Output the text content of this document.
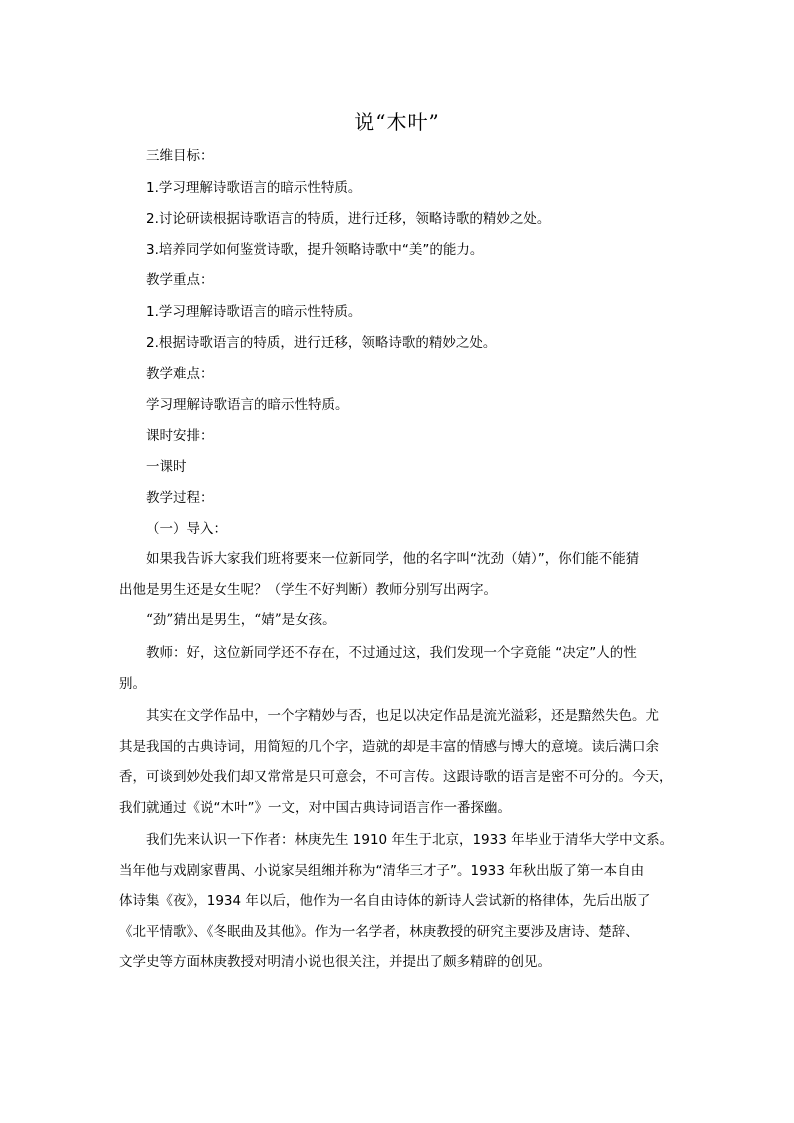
说“木叶”
三维目标：
1.学习理解诗歌语言的暗示性特质。
2.讨论研读根据诗歌语言的特质，进行迁移，领略诗歌的精妙之处。
3.培养同学如何鉴赏诗歌，提升领略诗歌中“美”的能力。
教学重点：
1.学习理解诗歌语言的暗示性特质。
2.根据诗歌语言的特质，进行迁移，领略诗歌的精妙之处。
教学难点：
学习理解诗歌语言的暗示性特质。
课时安排：
一课时
教学过程：
（一）导入：
如果我告诉大家我们班将要来一位新同学，他的名字叫“沈劲（婧）”，你们能不能猜
出他是男生还是女生呢？（学生不好判断）教师分别写出两字。
“劲”猜出是男生，“婧”是女孩。
教师：好，这位新同学还不存在，不过通过这，我们发现一个字竟能 “决定”人的性
别。
其实在文学作品中，一个字精妙与否，也足以决定作品是流光溢彩，还是黯然失色。尤
其是我国的古典诗词，用简短的几个字，造就的却是丰富的情感与博大的意境。读后满口余
香，可谈到妙处我们却又常常是只可意会，不可言传。这跟诗歌的语言是密不可分的。今天，
我们就通过《说“木叶”》一文，对中国古典诗词语言作一番探幽。
我们先来认识一下作者：林庚先生 1910 年生于北京，1933 年毕业于清华大学中文系。
当年他与戏剧家曹禺、小说家吴组缃并称为“清华三才子”。1933 年秋出版了第一本自由
体诗集《夜》，1934 年以后，他作为一名自由诗体的新诗人尝试新的格律体，先后出版了
《北平情歌》、《冬眠曲及其他》。作为一名学者，林庚教授的研究主要涉及唐诗、楚辞、
文学史等方面林庚教授对明清小说也很关注，并提出了颇多精辟的创见。
